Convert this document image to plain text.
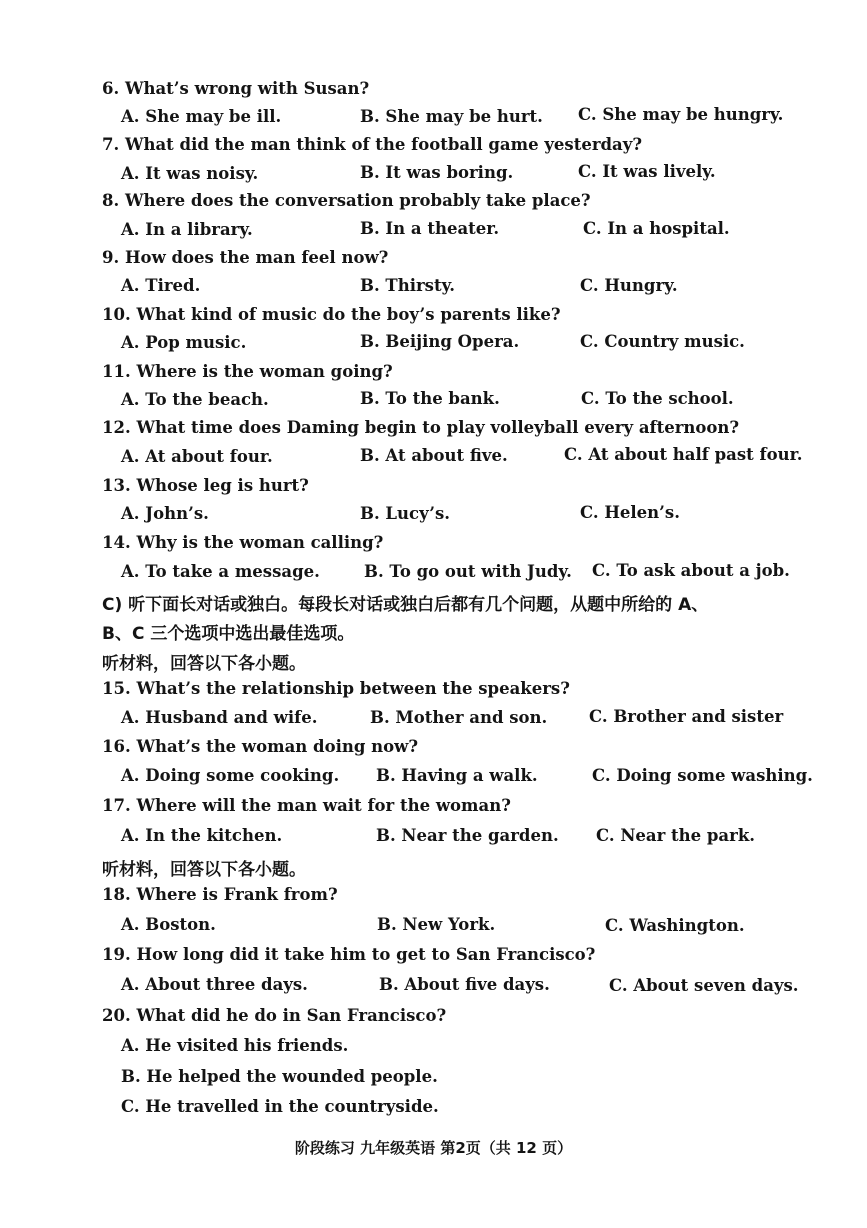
6. What’s wrong with Susan?
A. She may be ill.	B. She may be hurt. C. She may be hungry.
7. What did the man think of the football game yesterday?
A. It was noisy.	B. It was boring.	C. It was lively.
8. Where does the conversation probably take place?
A. In a library.	B. In a theater.	C. In a hospital.
9. How does the man feel now?
A. Tired.	B. Thirsty.	C. Hungry.
10. What kind of music do the boy’s parents like?
A. Pop music.	B. Beijing Opera.	C. Country music.
11. Where is the woman going?
A. To the beach.	B. To the bank.	C. To the school.
12. What time does Daming begin to play volleyball every afternoon?
A. At about four.	B. At about five.	C. At about half past four.
13. Whose leg is hurt?
A. John’s.	B. Lucy’s.	C. Helen’s.
14. Why is the woman calling?
A. To take a message.	B. To go out with Judy. C. To ask about a job.
C) 听下面长对话或独白。每段长对话或独白后都有几个问题，从题中所给的 A、
B、C 三个选项中选出最佳选项。
听材料，回答以下各小题。
15. What’s the relationship between the speakers?
A. Husband and wife.	B. Mother and son.	C. Brother and sister
16. What’s the woman doing now?
A. Doing some cooking. B. Having a walk.	C. Doing some washing.
17. Where will the man wait for the woman?
A. In the kitchen.	B. Near the garden. C. Near the park.
听材料，回答以下各小题。
18. Where is Frank from?
A. Boston.	B. New York.	C. Washington.
19. How long did it take him to get to San Francisco?
A. About three days.	B. About five days.	C. About seven days.
20. What did he do in San Francisco?
A. He visited his friends.
B. He helped the wounded people.
C. He travelled in the countryside.
阶段练习 九年级英语 第2页（共 12 页）
